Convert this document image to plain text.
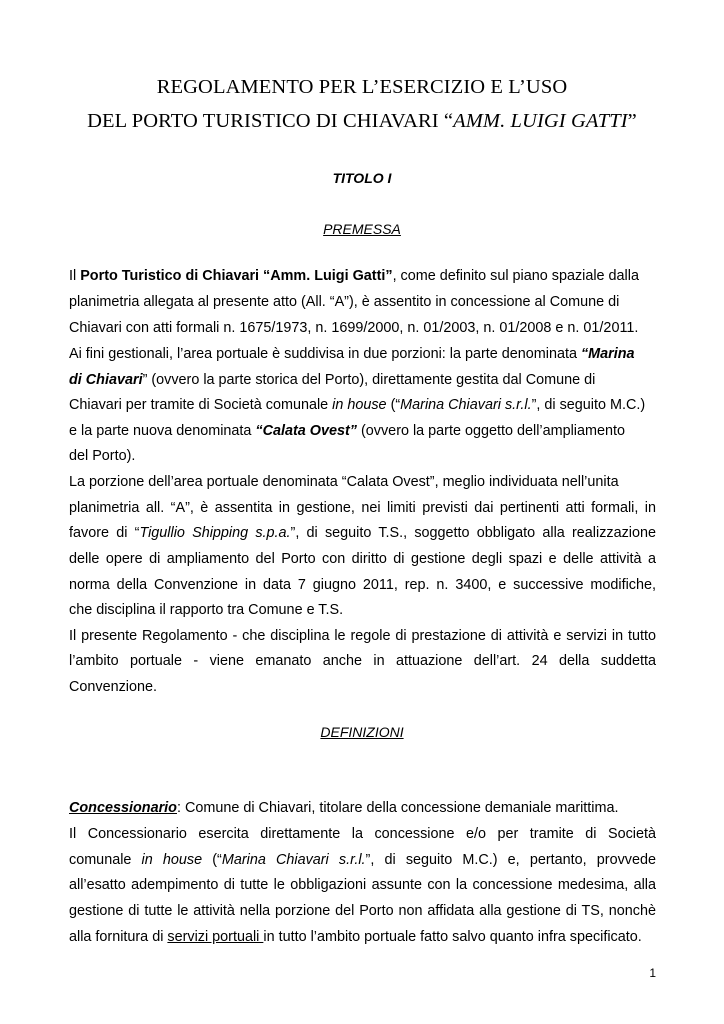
REGOLAMENTO PER L’ESERCIZIO E L’USO
DEL PORTO TURISTICO DI CHIAVARI “AMM. LUIGI GATTI”
TITOLO I
PREMESSA
Il Porto Turistico di Chiavari “Amm. Luigi Gatti”, come definito sul piano spaziale dalla
planimetria allegata al presente atto (All. “A”), è assentito in concessione al Comune di
Chiavari con atti formali n. 1675/1973, n. 1699/2000, n. 01/2003, n. 01/2008 e n. 01/2011.
Ai fini gestionali, l’area portuale è suddivisa in due porzioni: la parte denominata “Marina
di Chiavari” (ovvero la parte storica del Porto), direttamente gestita dal Comune di
Chiavari per tramite di Società comunale in house (“Marina Chiavari s.r.l.”, di seguito M.C.)
e la parte nuova denominata “Calata Ovest” (ovvero la parte oggetto dell’ampliamento
del Porto).
La porzione dell’area portuale denominata “Calata Ovest”, meglio individuata nell’unita
planimetria all. “A”, è assentita in gestione, nei limiti previsti dai pertinenti atti formali, in
favore di “Tigullio Shipping s.p.a.”, di seguito T.S., soggetto obbligato alla realizzazione
delle opere di ampliamento del Porto con diritto di gestione degli spazi e delle attività a
norma della Convenzione in data 7 giugno 2011, rep. n. 3400, e successive modifiche,
che disciplina il rapporto tra Comune e T.S.
Il presente Regolamento - che disciplina le regole di prestazione di attività e servizi in tutto
l’ambito portuale - viene emanato anche in attuazione dell’art. 24 della suddetta
Convenzione.
DEFINIZIONI
Concessionario: Comune di Chiavari, titolare della concessione demaniale marittima.
Il Concessionario esercita direttamente la concessione e/o per tramite di Società
comunale in house (“Marina Chiavari s.r.l.”, di seguito M.C.) e, pertanto, provvede
all’esatto adempimento di tutte le obbligazioni assunte con la concessione medesima, alla
gestione di tutte le attività nella porzione del Porto non affidata alla gestione di TS, nonchè
alla fornitura di servizi portuali in tutto l’ambito portuale fatto salvo quanto infra specificato.
1
